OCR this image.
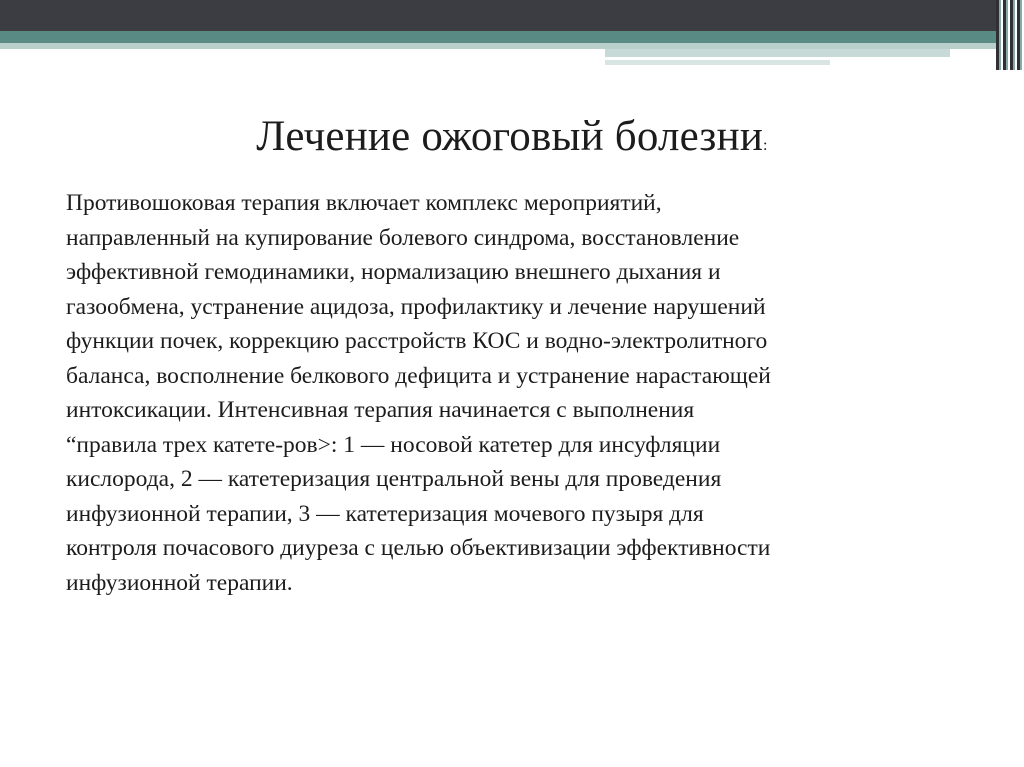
Лечение ожоговый болезни:

Противошоковая терапия включает комплекс мероприятий,
направленный на купирование болевого синдрома, восстановление
эффективной гемодинамики, нормализацию внешнего дыхания и
газообмена, устранение ацидоза, профилактику и лечение нарушений
функции почек, коррекцию расстройств КОС и водно-электролитного
баланса, восполнение белкового дефицита и устранение нарастающей
интоксикации. Интенсивная терапия начинается с выполнения
“правила трех катете-ров>: 1 — носовой катетер для инсуфляции
кислорода, 2 — катетеризация центральной вены для проведения
инфузионной терапии, 3 — катетеризация мочевого пузыря для
контроля почасового диуреза с целью объективизации эффективности
инфузионной терапии.
